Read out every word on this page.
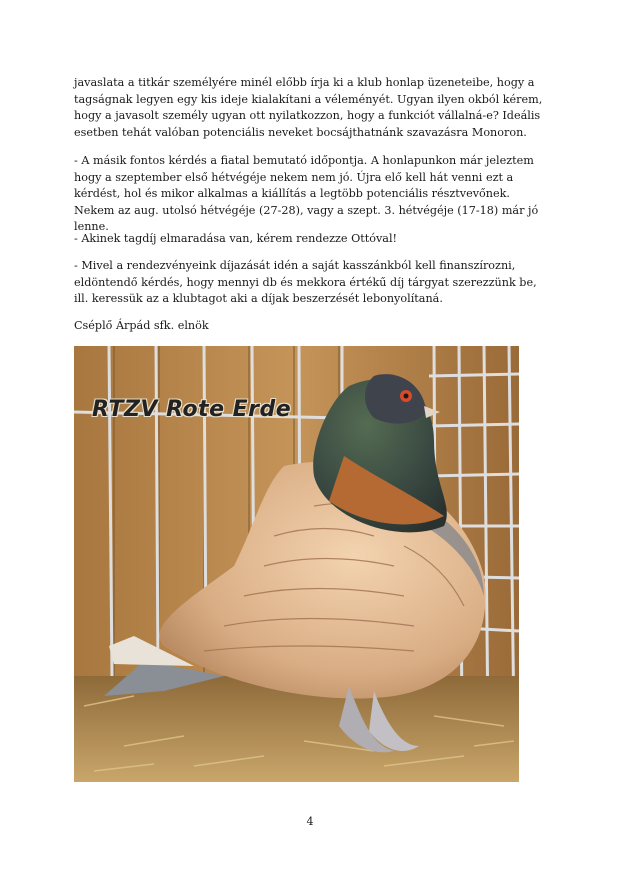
javaslata a titkár személyére minél előbb írja ki a klub honlap üzeneteibe, hogy a tagságnak legyen egy kis ideje kialakítani a véleményét. Ugyan ilyen okból kérem, hogy a javasolt személy ugyan ott nyilatkozzon, hogy a funkciót vállalná-e? Ideális esetben tehát valóban potenciális neveket bocsájthatnánk szavazásra Monoron.

- A másik fontos kérdés a fiatal bemutató időpontja. A honlapunkon már jeleztem hogy a szeptember első hétvégéje nekem nem jó. Újra elő kell hát venni ezt a kérdést, hol és mikor alkalmas a kiállítás a legtöbb potenciális résztvevőnek. Nekem az aug. utolsó hétvégéje (27-28), vagy a szept. 3. hétvégéje (17-18) már jó lenne.

- Akinek tagdíj elmaradása van, kérem rendezze Ottóval!

- Mivel a rendezvényeink díjazását idén a saját kasszánkból kell finanszírozni, eldöntendő kérdés, hogy mennyi db és mekkora értékű díj tárgyat szerezzünk be, ill. keressük az a klubtagot aki a díjak beszerzését lebonyolítaná.

Cséplő Árpád sfk. elnök

RTZV Rote Erde
4
